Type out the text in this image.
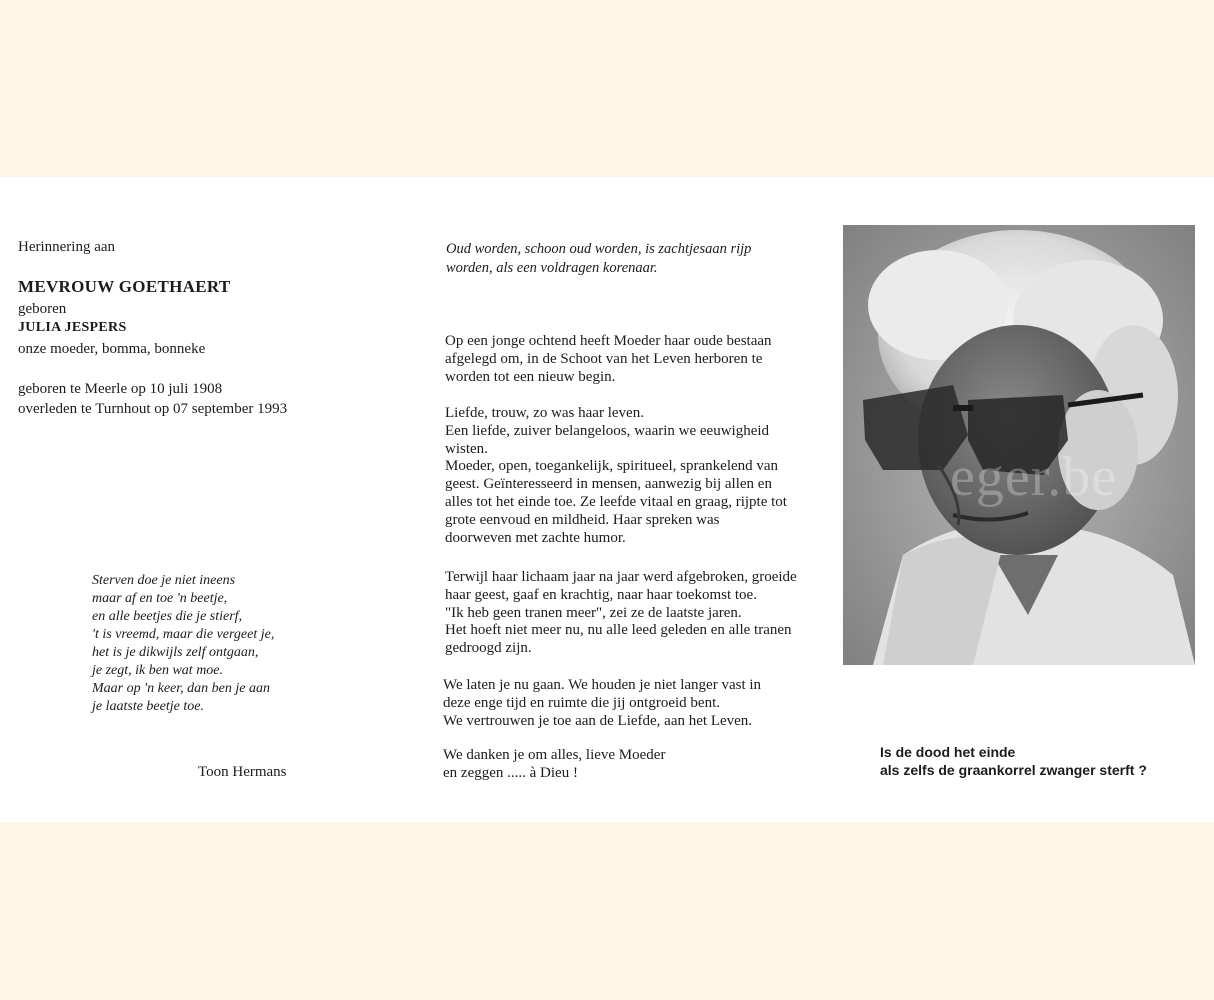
Herinnering aan
MEVROUW GOETHAERT
geboren
JULIA JESPERS
onze moeder, bomma, bonneke
geboren te Meerle op 10 juli 1908
overleden te Turnhout op 07 september 1993
Sterven doe je niet ineens
maar af en toe 'n beetje,
en alle beetjes die je stierf,
't is vreemd, maar die vergeet je,
het is je dikwijls zelf ontgaan,
je zegt, ik ben wat moe.
Maar op 'n keer, dan ben je aan
je laatste beetje toe.
Toon Hermans
Oud worden, schoon oud worden, is zachtjesaan rijp
worden, als een voldragen korenaar.
Op een jonge ochtend heeft Moeder haar oude bestaan
afgelegd om, in de Schoot van het Leven herboren te
worden tot een nieuw begin.
Liefde, trouw, zo was haar leven.
Een liefde, zuiver belangeloos, waarin we eeuwigheid
wisten.
Moeder, open, toegankelijk, spiritueel, sprankelend van
geest. Geïnteresseerd in mensen, aanwezig bij allen en
alles tot het einde toe. Ze leefde vitaal en graag, rijpte tot
grote eenvoud en mildheid. Haar spreken was
doorweven met zachte humor.
Terwijl haar lichaam jaar na jaar werd afgebroken, groeide
haar geest, gaaf en krachtig, naar haar toekomst toe.
"Ik heb geen tranen meer", zei ze de laatste jaren.
Het hoeft niet meer nu, nu alle leed geleden en alle tranen
gedroogd zijn.
We laten je nu gaan. We houden je niet langer vast in
deze enge tijd en ruimte die jij ontgroeid bent.
We vertrouwen je toe aan de Liefde, aan het Leven.
We danken je om alles, lieve Moeder
en zeggen ..... à Dieu !
eger.be
Is de dood het einde
als zelfs de graankorrel zwanger sterft ?
